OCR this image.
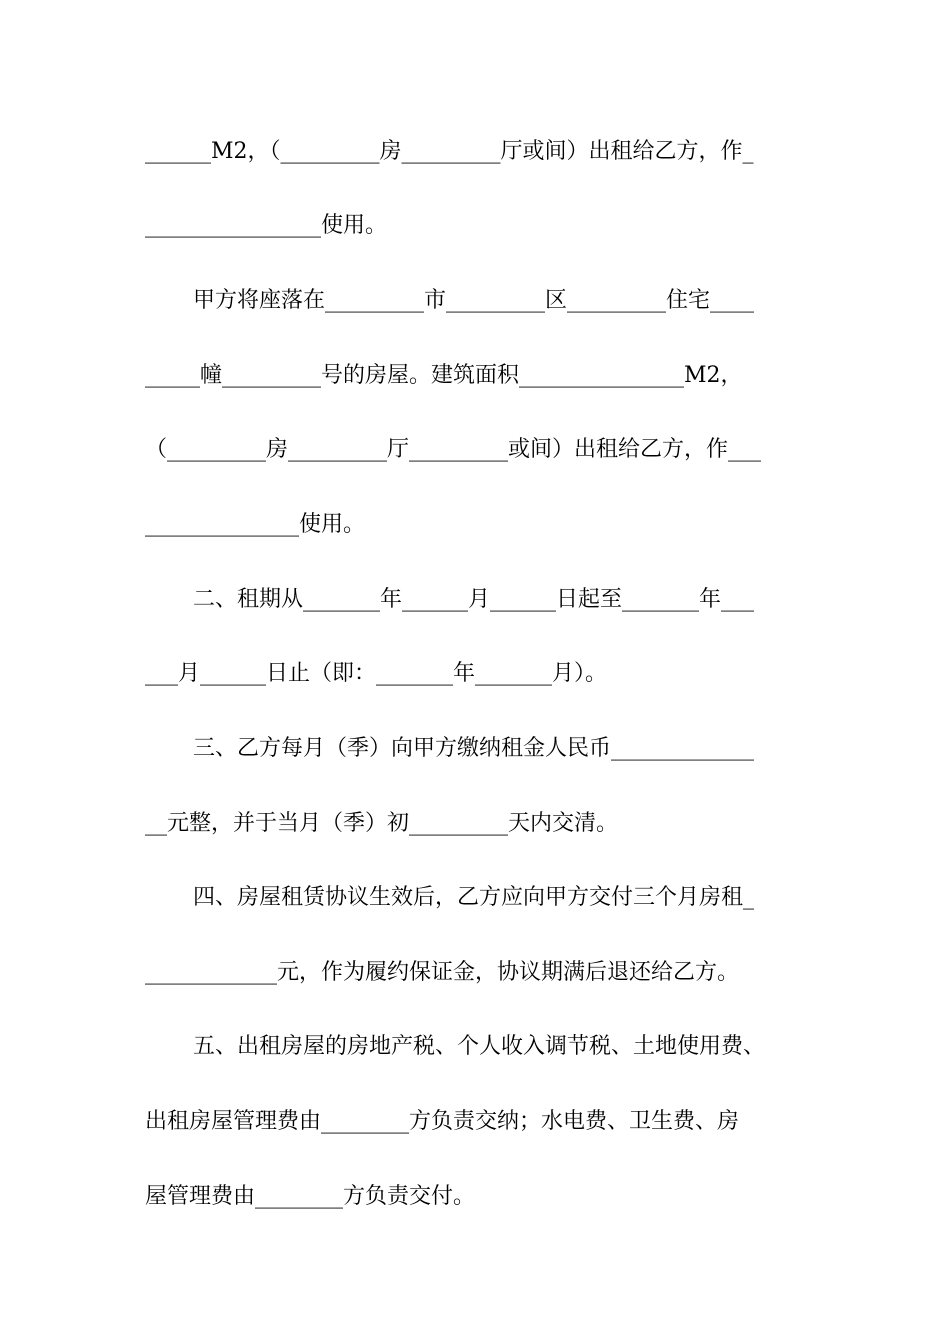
______M2，（_________房_________厅或间）出租给乙方，作_
________________使用。
甲方将座落在_________市_________区_________住宅____
_____幢_________号的房屋。建筑面积_______________M2，
（_________房_________厅_________或间）出租给乙方，作___
______________使用。
二、租期从_______年______月______日起至_______年___
___月______日止（即：_______年_______月）。
三、乙方每月（季）向甲方缴纳租金人民币_____________
__元整，并于当月（季）初_________天内交清。
四、房屋租赁协议生效后，乙方应向甲方交付三个月房租_
____________元，作为履约保证金，协议期满后退还给乙方。
五、出租房屋的房地产税、个人收入调节税、土地使用费、
出租房屋管理费由________方负责交纳；水电费、卫生费、房
屋管理费由________方负责交付。
